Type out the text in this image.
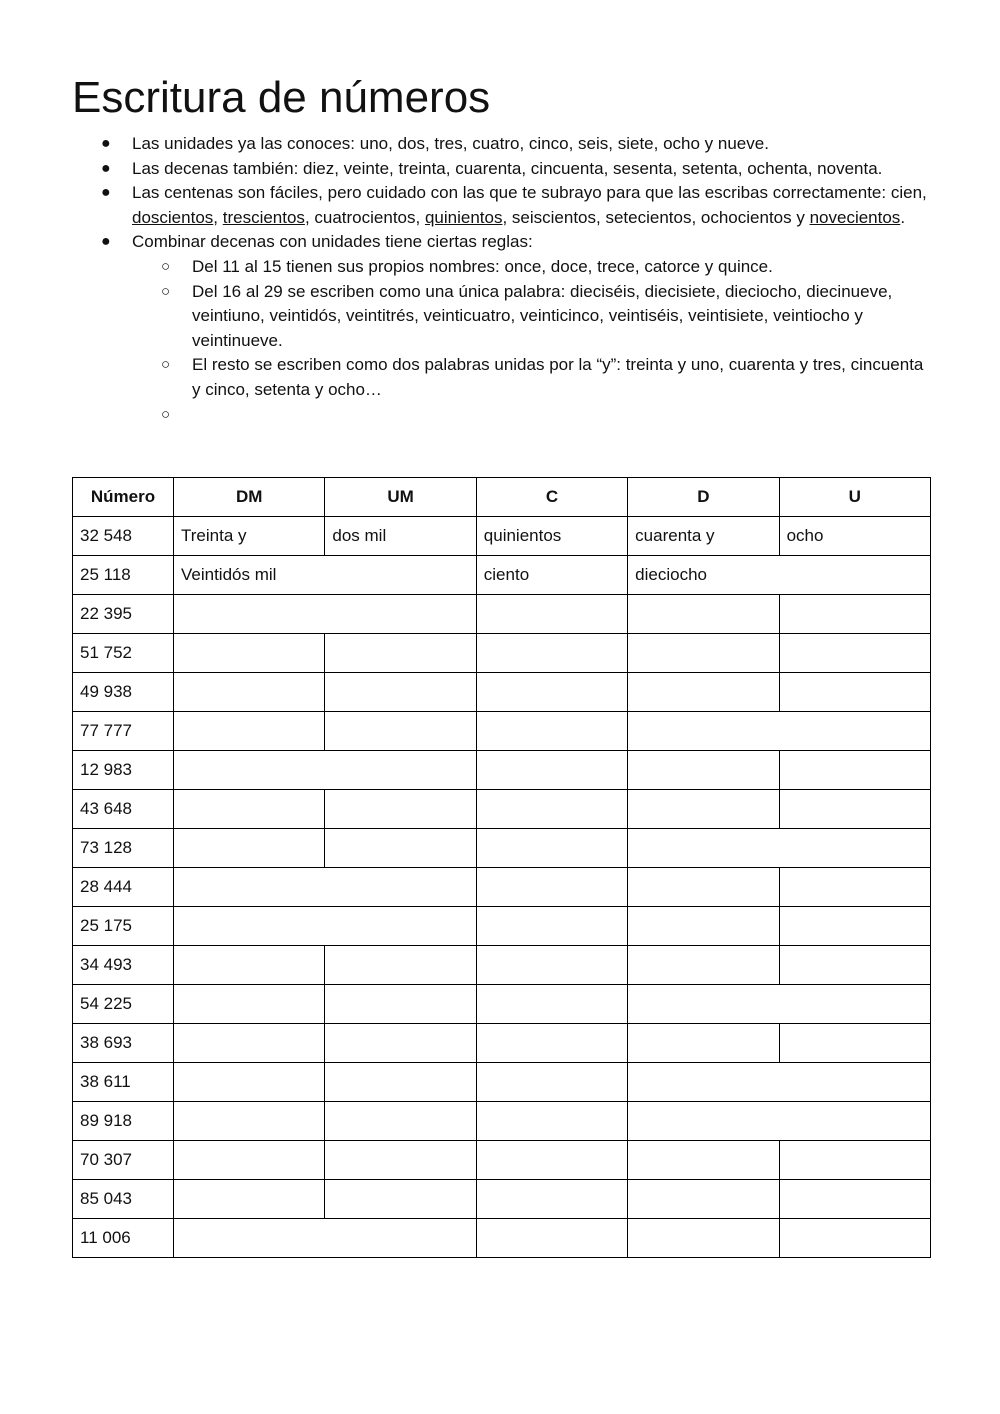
Escritura de números
● Las unidades ya las conoces: uno, dos, tres, cuatro, cinco, seis, siete, ocho y nueve.
● Las decenas también: diez, veinte, treinta, cuarenta, cincuenta, sesenta, setenta, ochenta, noventa.
● Las centenas son fáciles, pero cuidado con las que te subrayo para que las escribas correctamente: cien, doscientos, trescientos, cuatrocientos, quinientos, seiscientos, setecientos, ochocientos y novecientos.
● Combinar decenas con unidades tiene ciertas reglas:
○ Del 11 al 15 tienen sus propios nombres: once, doce, trece, catorce y quince.
○ Del 16 al 29 se escriben como una única palabra: dieciséis, diecisiete, dieciocho, diecinueve, veintiuno, veintidós, veintitrés, veinticuatro, veinticinco, veintiséis, veintisiete, veintiocho y veintinueve.
○ El resto se escriben como dos palabras unidas por la “y”: treinta y uno, cuarenta y tres, cincuenta y cinco, setenta y ocho…
○

Número	DM	UM	C	D	U
32 548	Treinta y	dos mil	quinientos	cuarenta y	ocho
25 118	Veintidós mil		ciento	dieciocho	
22 395					
51 752					
49 938					
77 777					
12 983					
43 648					
73 128					
28 444					
25 175					
34 493					
54 225					
38 693					
38 611					
89 918					
70 307					
85 043					
11 006					
